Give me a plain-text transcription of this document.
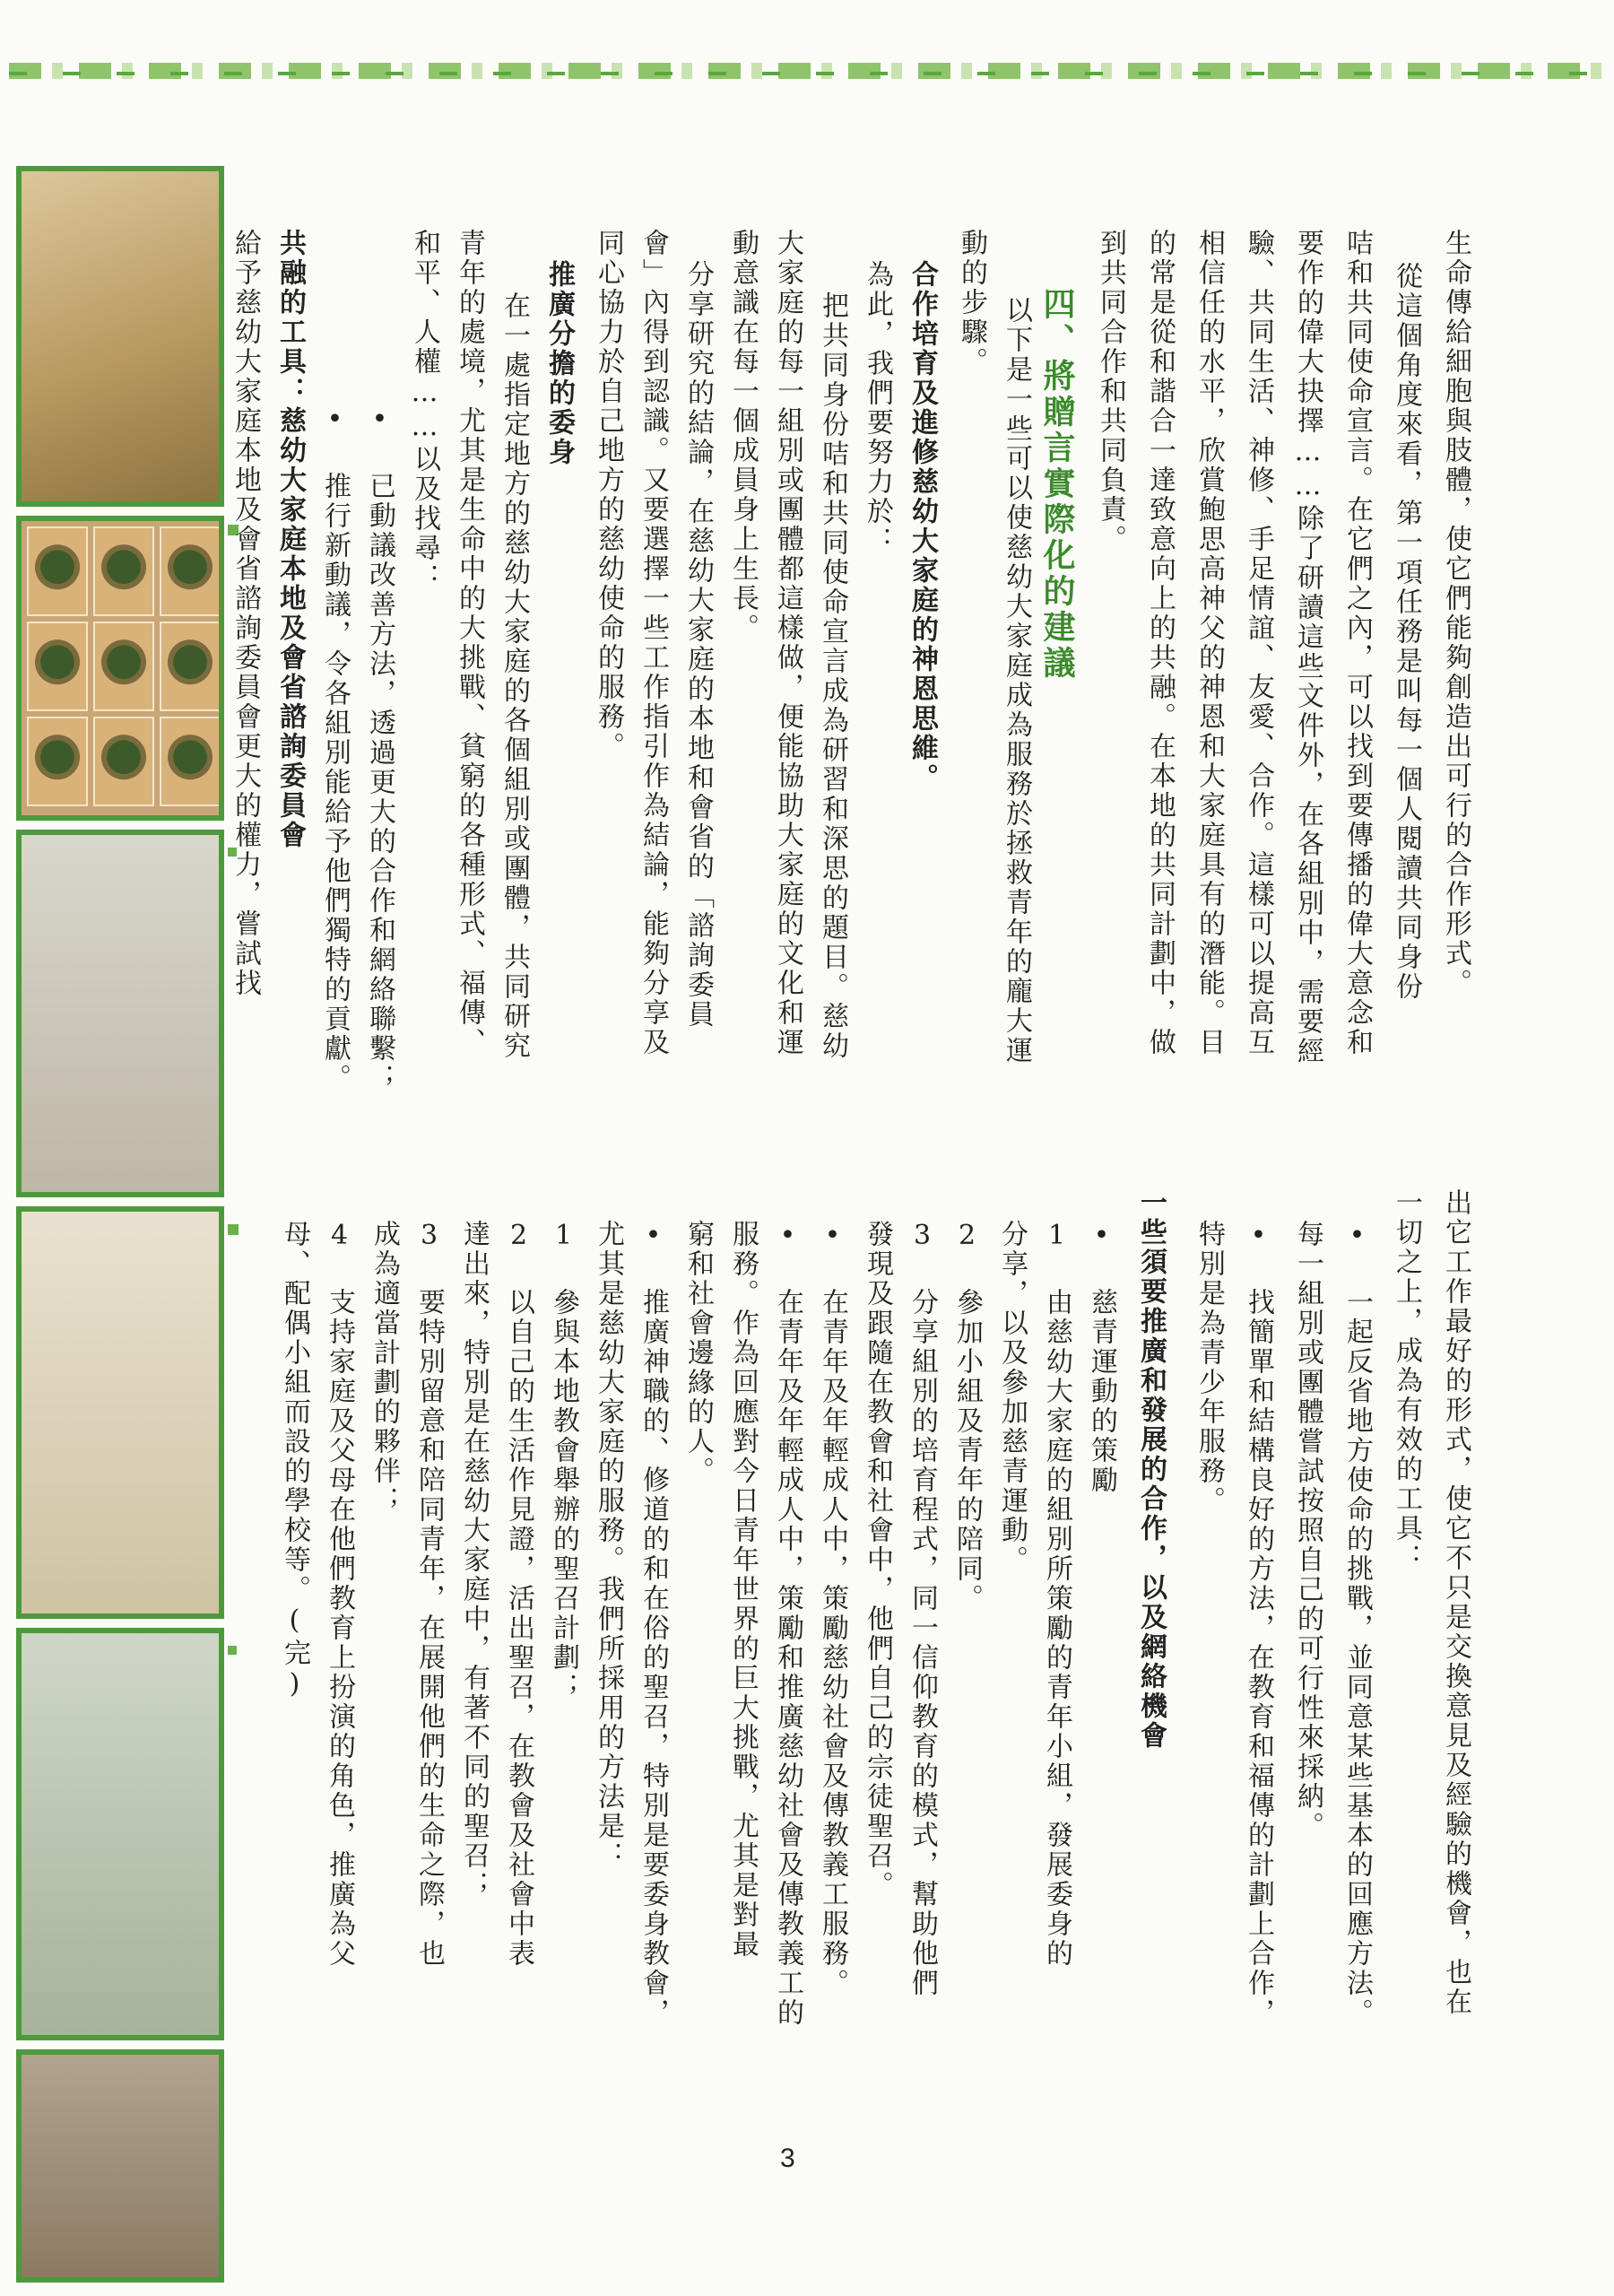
生命傳給細胞與肢體，使它們能夠創造出可行的合作形式。
從這個角度來看，第一項任務是叫每一個人閱讀共同身份
咭和共同使命宣言。在它們之內，可以找到要傳播的偉大意念和
要作的偉大抉擇……除了研讀這些文件外，在各組別中，需要經
驗、共同生活、神修、手足情誼、友愛、合作。這樣可以提高互
相信任的水平，欣賞鮑思高神父的神恩和大家庭具有的潛能。目
的常是從和諧合一達致意向上的共融。在本地的共同計劃中，做
到共同合作和共同負責。
四、將贈言實際化的建議
以下是一些可以使慈幼大家庭成為服務於拯救青年的龐大運
動的步驟。
合作培育及進修慈幼大家庭的神恩思維。
為此，我們要努力於：
把共同身份咭和共同使命宣言成為研習和深思的題目。慈幼
大家庭的每一組別或團體都這樣做，便能協助大家庭的文化和運
動意識在每一個成員身上生長。
分享研究的結論，在慈幼大家庭的本地和會省的「諮詢委員
會」內得到認識。又要選擇一些工作指引作為結論，能夠分享及
同心協力於自己地方的慈幼使命的服務。
推廣分擔的委身
在一處指定地方的慈幼大家庭的各個組別或團體，共同研究
青年的處境，尤其是生命中的大挑戰、貧窮的各種形式、福傳、
和平、人權……以及找尋：
• 已動議改善方法，透過更大的合作和網絡聯繫；
• 推行新動議，令各組別能給予他們獨特的貢獻。
共融的工具：慈幼大家庭本地及會省諮詢委員會
給予慈幼大家庭本地及會省諮詢委員會更大的權力，嘗試找
出它工作最好的形式，使它不只是交換意見及經驗的機會，也在
一切之上，成為有效的工具：
• 一起反省地方使命的挑戰，並同意某些基本的回應方法。
每一組別或團體嘗試按照自己的可行性來採納。
• 找簡單和結構良好的方法，在教育和福傳的計劃上合作，
特別是為青少年服務。
一些須要推廣和發展的合作，以及網絡機會
• 慈青運動的策勵
1 由慈幼大家庭的組別所策勵的青年小組，發展委身的
分享，以及參加慈青運動。
2 參加小組及青年的陪同。
3 分享組別的培育程式，同一信仰教育的模式，幫助他們
發現及跟隨在教會和社會中，他們自己的宗徒聖召。
• 在青年及年輕成人中，策勵慈幼社會及傳教義工服務。
• 在青年及年輕成人中，策勵和推廣慈幼社會及傳教義工的
服務。作為回應對今日青年世界的巨大挑戰，尤其是對最
窮和社會邊緣的人。
• 推廣神職的、修道的和在俗的聖召，特別是要委身教會，
尤其是慈幼大家庭的服務。我們所採用的方法是：
1 參與本地教會舉辦的聖召計劃；
2 以自己的生活作見證，活出聖召，在教會及社會中表
達出來，特別是在慈幼大家庭中，有著不同的聖召；
3 要特別留意和陪同青年，在展開他們的生命之際，也
成為適當計劃的夥伴；
4 支持家庭及父母在他們教育上扮演的角色，推廣為父
母、配偶小組而設的學校等。(完)
3
